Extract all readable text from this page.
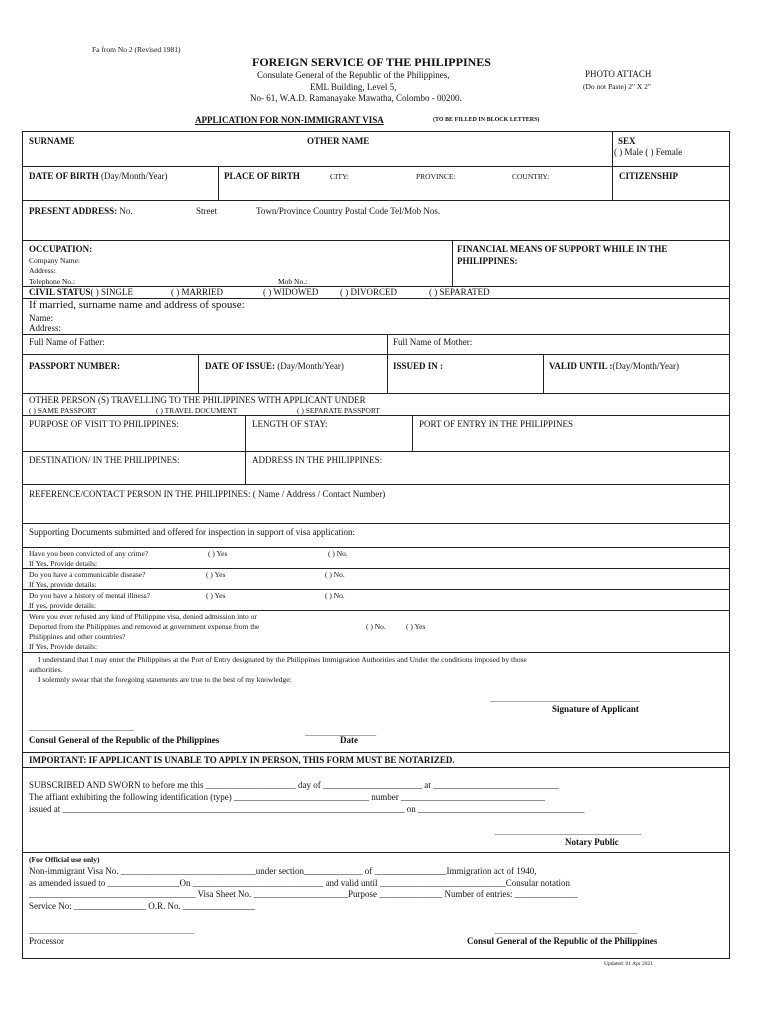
Fa from No 2 (Revised 1981)
FOREIGN SERVICE OF THE PHILIPPINES
Consulate General of the Republic of the Philippines,
EML Building, Level 5,
No- 61, W.A.D. Ramanayake Mawatha, Colombo - 00200.
PHOTO ATTACH
(Do not Paste) 2" X 2"
APPLICATION FOR NON-IMMIGRANT VISA	(TO BE FILLED IN BLOCK LETTERS)
SURNAME	OTHER NAME	SEX
( ) Male ( ) Female
DATE OF BIRTH (Day/Month/Year)	PLACE OF BIRTH	CITY:	PROVINCE:	COUNTRY:	CITIZENSHIP
PRESENT ADDRESS: No.	Street	Town/Province Country Postal Code Tel/Mob Nos.
OCCUPATION:
Company Name:
Address:
Telephone No.:	Mob No.:
FINANCIAL MEANS OF SUPPORT WHILE IN THE
PHILIPPINES:
CIVIL STATUS( ) SINGLE	( ) MARRIED	( ) WIDOWED ( ) DIVORCED	( ) SEPARATED
If married, surname name and address of spouse:
Name:
Address:
Full Name of Father:	Full Name of Mother:
PASSPORT NUMBER:	DATE OF ISSUE: (Day/Month/Year)	ISSUED IN :	VALID UNTIL :(Day/Month/Year)
OTHER PERSON (S) TRAVELLING TO THE PHILIPPINES WITH APPLICANT UNDER
( ) SAME PASSPORT	( ) TRAVEL DOCUMENT	( ) SEPARATE PASSPORT
PURPOSE OF VISIT TO PHILIPPINES:	LENGTH OF STAY:	PORT OF ENTRY IN THE PHILIPPINES
DESTINATION/ IN THE PHILIPPINES:	ADDRESS IN THE PHILIPPINES:
REFERENCE/CONTACT PERSON IN THE PHILIPPINES: ( Name / Address / Contact Number)
Supporting Documents submitted and offered for inspection in support of visa application:
Have you been convicted of any crime?	( ) Yes	( ) No.
If Yes, Provide details:
Do you have a communicable disease?	( ) Yes	( ) No.
If Yes, provide details:
Do you have a history of mental illness?	( ) Yes	( ) No.
If yes, provide details:
Were you ever refused any kind of Philippine visa, denied admission into or
Deported from the Philippines and removed at government expense from the	( ) No.	( ) Yes
Philippines and other countries?
If Yes, Provide details:
I understand that I may enter the Philippines at the Port of Entry designated by the Philippines Immigration Authorities and Under the conditions imposed by those
authorities.
I solemnly swear that the foregoing statements are true to the best of my knowledge:
________________________________________
Signature of Applicant
____________________________
___________________
Consul General of the Republic of the Philippines	Date
IMPORTANT: IF APPLICANT IS UNABLE TO APPLY IN PERSON, THIS FORM MUST BE NOTARIZED.
SUBSCRIBED AND SWORN to before me this ____________________ day of ______________________ at ____________________________
The affiant exhibiting the following identification (type) ______________________________ number ________________________________
issued at ____________________________________________________________________________ on _____________________________________
_______________________________________
Notary Public
(For Official use only)
Non-immigrant Visa No. ______________________________under section_____________ of ________________Immigration act of 1940,
as amended issued to ________________On _____________________________ and valid until ____________________________Consular notation
_____________________________________ Visa Sheet No. _____________________Purpose ______________ Number of entries: ______________
Service No: ________________ O.R. No. ________________
____________________________________________
Processor
______________________________________
Consul General of the Republic of the Philippines
Updated: 01 Apr 2021
